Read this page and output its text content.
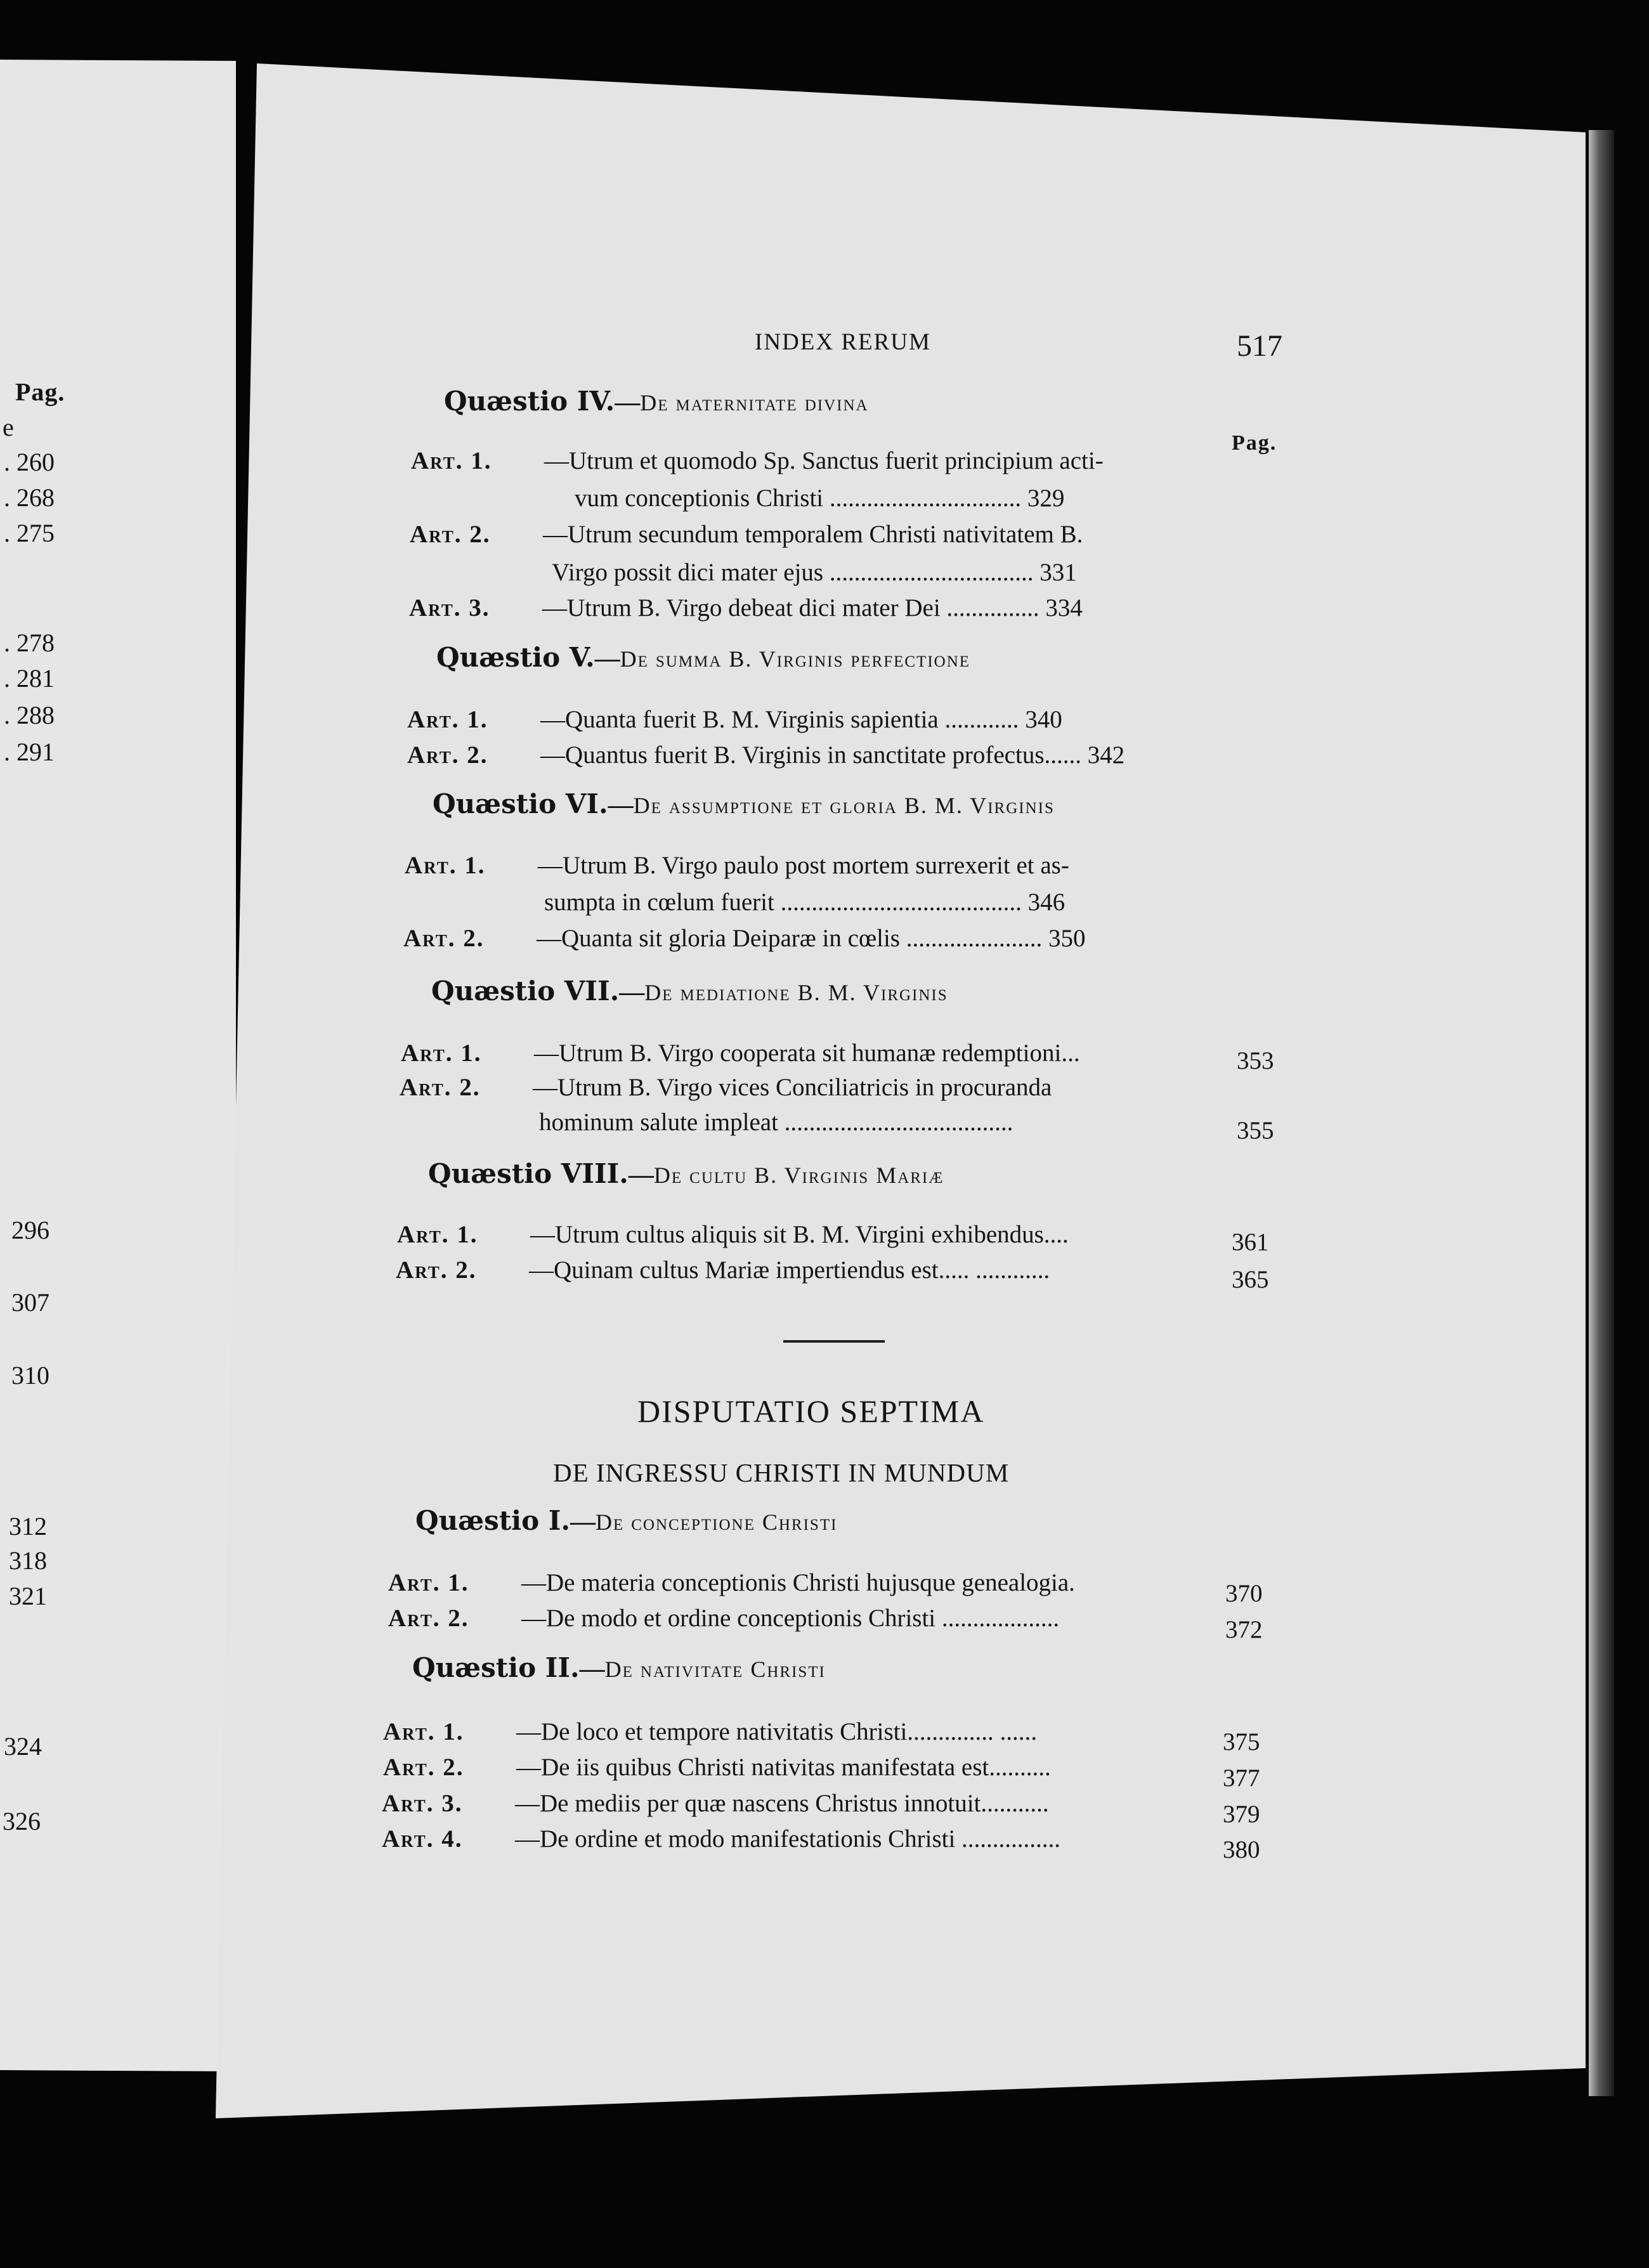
Pag.
e
. 260
. 268
. 275
. 278
. 281
. 288
. 291
296
307
310
312
318
321
324
326
INDEX RERUM	517
Pag.
Quæstio IV.—De maternitate divina
Art. 1. —Utrum et quomodo Sp. Sanctus fuerit principium acti-
vum conceptionis Christi ............................... 329
Art. 2. —Utrum secundum temporalem Christi nativitatem B.
Virgo possit dici mater ejus ................................. 331
Art. 3. —Utrum B. Virgo debeat dici mater Dei ............... 334
Quæstio V.—De summa B. Virginis perfectione
Art. 1. —Quanta fuerit B. M. Virginis sapientia ............ 340
Art. 2. —Quantus fuerit B. Virginis in sanctitate profectus...... 342
Quæstio VI.—De assumptione et gloria B. M. Virginis
Art. 1. —Utrum B. Virgo paulo post mortem surrexerit et as-
sumpta in cœlum fuerit ....................................... 346
Art. 2. —Quanta sit gloria Deiparæ in cœlis ...................... 350
Quæstio VII.—De mediatione B. M. Virginis
Art. 1. —Utrum B. Virgo cooperata sit humanæ redemptioni...	353
Art. 2. —Utrum B. Virgo vices Conciliatricis in procuranda
hominum salute impleat .....................................	355
Quæstio VIII.—De cultu B. Virginis Mariæ
Art. 1. —Utrum cultus aliquis sit B. M. Virgini exhibendus....	361
Art. 2. —Quinam cultus Mariæ impertiendus est..... ............	365
DISPUTATIO SEPTIMA
DE INGRESSU CHRISTI IN MUNDUM
Quæstio I.—De conceptione Christi
Art. 1. —De materia conceptionis Christi hujusque genealogia.	370
Art. 2. —De modo et ordine conceptionis Christi ...................	372
Quæstio II.—De nativitate Christi
Art. 1. —De loco et tempore nativitatis Christi.............. ......	375
Art. 2. —De iis quibus Christi nativitas manifestata est..........	377
Art. 3. —De mediis per quæ nascens Christus innotuit...........	379
Art. 4. —De ordine et modo manifestationis Christi ................	380
